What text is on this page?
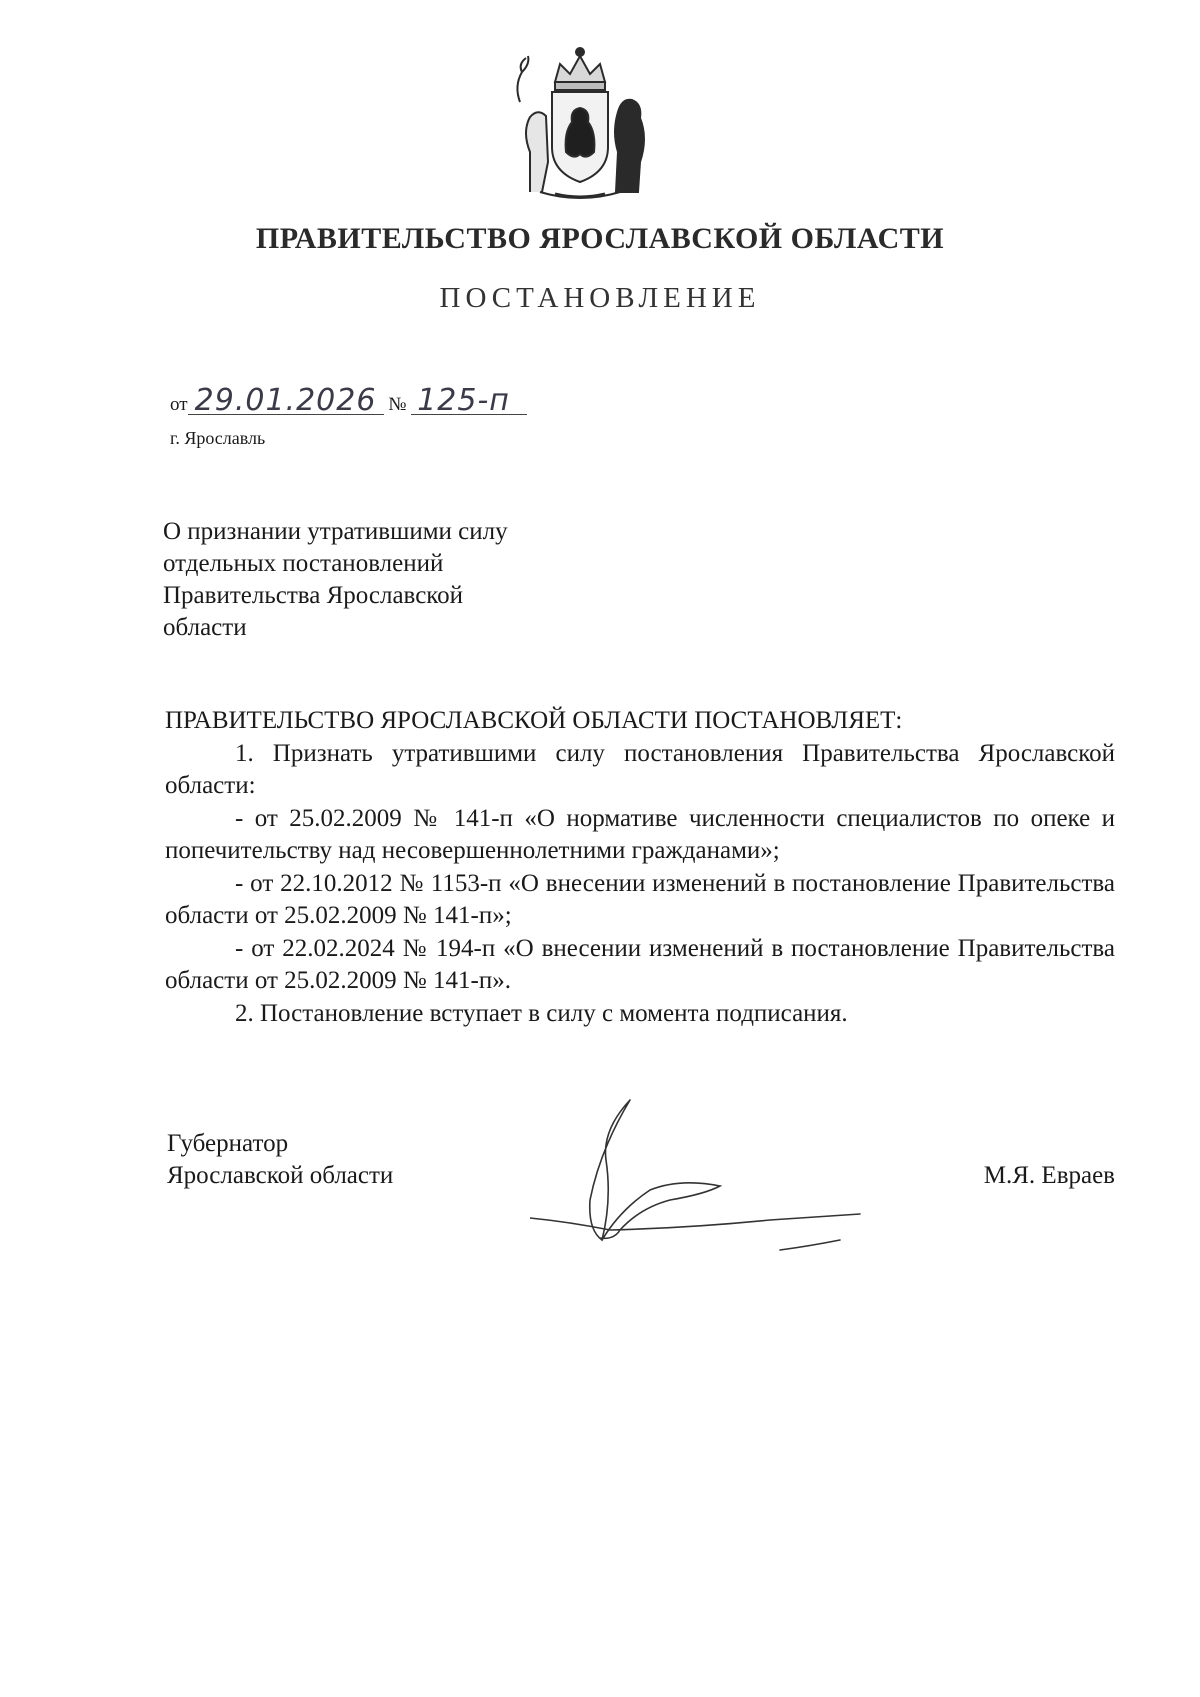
ПРАВИТЕЛЬСТВО ЯРОСЛАВСКОЙ ОБЛАСТИ
ПОСТАНОВЛЕНИЕ
от 29.01.2026 № 125-п
г. Ярославль
О признании утратившими силу
отдельных постановлений
Правительства Ярославской
области
ПРАВИТЕЛЬСТВО ЯРОСЛАВСКОЙ ОБЛАСТИ ПОСТАНОВЛЯЕТ:

1. Признать утратившими силу постановления Правительства Ярославской области:

- от 25.02.2009 № 141-п «О нормативе численности специалистов по опеке и попечительству над несовершеннолетними гражданами»;

- от 22.10.2012 № 1153-п «О внесении изменений в постановление Правительства области от 25.02.2009 № 141-п»;

- от 22.02.2024 № 194-п «О внесении изменений в постановление Правительства области от 25.02.2009 № 141-п».

2. Постановление вступает в силу с момента подписания.

Губернатор
Ярославской области	М.Я. Евраев
